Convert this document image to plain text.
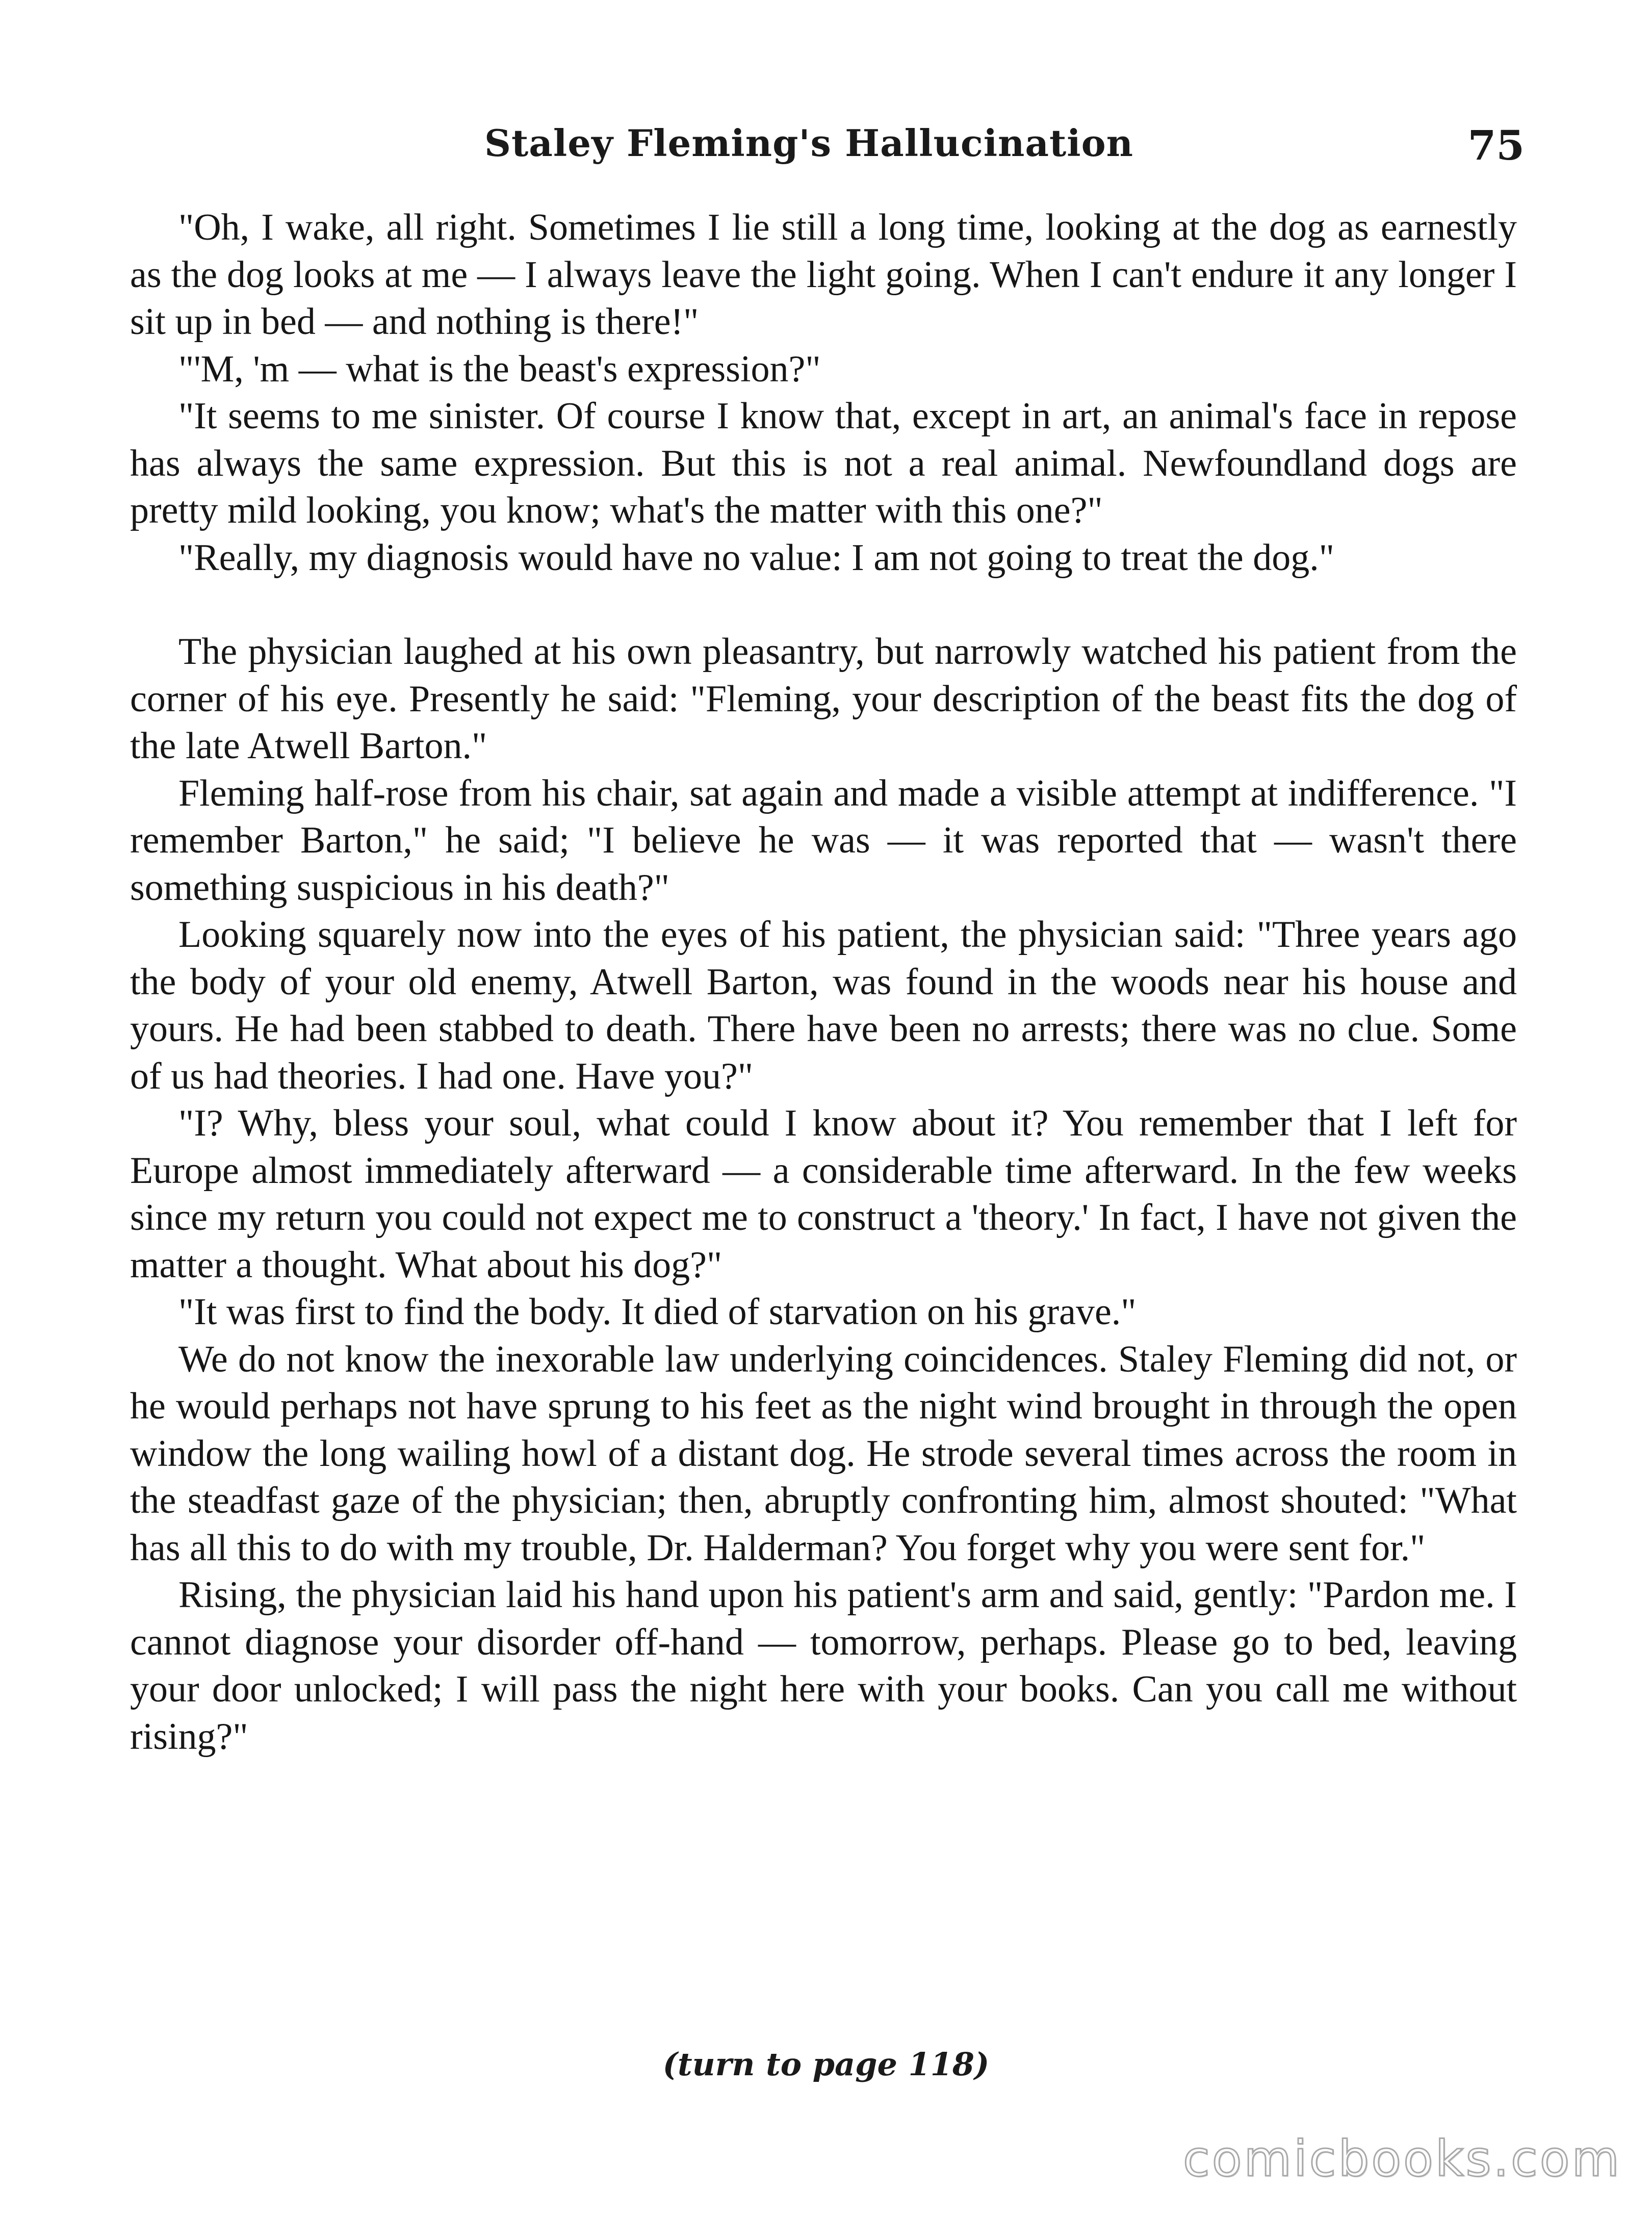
Staley Fleming's Hallucination	75

"Oh, I wake, all right. Sometimes I lie still a long time, looking at the dog as earnestly as the dog looks at me — I always leave the light going. When I can't endure it any longer I sit up in bed — and nothing is there!"

"'M, 'm — what is the beast's expression?"

"It seems to me sinister. Of course I know that, except in art, an animal's face in repose has always the same expression. But this is not a real animal. Newfoundland dogs are pretty mild looking, you know; what's the matter with this one?"

"Really, my diagnosis would have no value: I am not going to treat the dog."

The physician laughed at his own pleasantry, but narrowly watched his patient from the corner of his eye. Presently he said: "Fleming, your description of the beast fits the dog of the late Atwell Barton."

Fleming half-rose from his chair, sat again and made a visible attempt at indifference. "I remember Barton," he said; "I believe he was — it was reported that — wasn't there something suspicious in his death?"

Looking squarely now into the eyes of his patient, the physician said: "Three years ago the body of your old enemy, Atwell Barton, was found in the woods near his house and yours. He had been stabbed to death. There have been no arrests; there was no clue. Some of us had theories. I had one. Have you?"

"I? Why, bless your soul, what could I know about it? You remember that I left for Europe almost immediately afterward — a considerable time afterward. In the few weeks since my return you could not expect me to construct a 'theory.' In fact, I have not given the matter a thought. What about his dog?"

"It was first to find the body. It died of starvation on his grave."

We do not know the inexorable law underlying coincidences. Staley Fleming did not, or he would perhaps not have sprung to his feet as the night wind brought in through the open window the long wailing howl of a distant dog. He strode several times across the room in the steadfast gaze of the physician; then, abruptly confronting him, almost shouted: "What has all this to do with my trouble, Dr. Halderman? You forget why you were sent for."

Rising, the physician laid his hand upon his patient's arm and said, gently: "Pardon me. I cannot diagnose your disorder off-hand — tomorrow, perhaps. Please go to bed, leaving your door unlocked; I will pass the night here with your books. Can you call me without rising?"

(turn to page 118)
comicbooks.com
